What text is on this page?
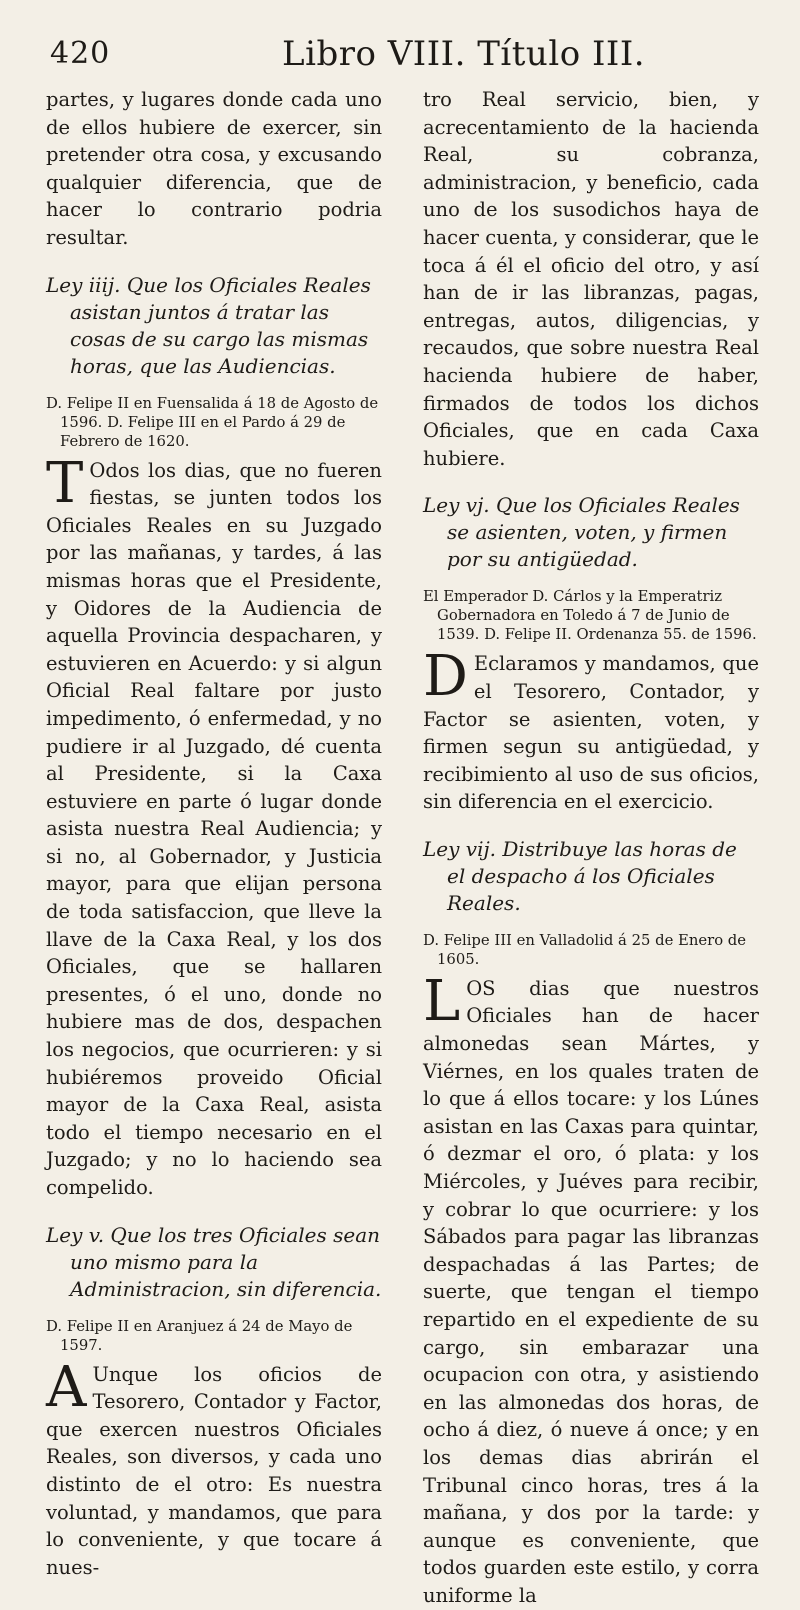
420	Libro VIII. Título III.

partes, y lugares donde cada uno de ellos hubiere de exercer, sin pretender otra cosa, y excusando qualquier diferencia, que de hacer lo contrario podria resultar.

Ley iiij. Que los Oficiales Reales asistan juntos á tratar las cosas de su cargo las mismas horas, que las Audiencias.

D. Felipe II en Fuensalida á 18 de Agosto de 1596. D. Felipe III en el Pardo á 29 de Febrero de 1620.

T Odos los dias, que no fueren fiestas, se junten todos los Oficiales Reales en su Juzgado por las mañanas, y tardes, á las mismas horas que el Presidente, y Oidores de la Audiencia de aquella Provincia despacharen, y estuvieren en Acuerdo: y si algun Oficial Real faltare por justo impedimento, ó enfermedad, y no pudiere ir al Juzgado, dé cuenta al Presidente, si la Caxa estuviere en parte ó lugar donde asista nuestra Real Audiencia; y si no, al Gobernador, y Justicia mayor, para que elijan persona de toda satisfaccion, que lleve la llave de la Caxa Real, y los dos Oficiales, que se hallaren presentes, ó el uno, donde no hubiere mas de dos, despachen los negocios, que ocurrieren: y si hubiéremos proveido Oficial mayor de la Caxa Real, asista todo el tiempo necesario en el Juzgado; y no lo haciendo sea compelido.

Ley v. Que los tres Oficiales sean uno mismo para la Administracion, sin diferencia.

D. Felipe II en Aranjuez á 24 de Mayo de 1597.

A Unque los oficios de Tesorero, Contador y Factor, que exercen nuestros Oficiales Reales, son diversos, y cada uno distinto de el otro: Es nuestra voluntad, y mandamos, que para lo conveniente, y que tocare á nues-

tro Real servicio, bien, y acrecentamiento de la hacienda Real, su cobranza, administracion, y beneficio, cada uno de los susodichos haya de hacer cuenta, y considerar, que le toca á él el oficio del otro, y así han de ir las libranzas, pagas, entregas, autos, diligencias, y recaudos, que sobre nuestra Real hacienda hubiere de haber, firmados de todos los dichos Oficiales, que en cada Caxa hubiere.

Ley vj. Que los Oficiales Reales se asienten, voten, y firmen por su antigüedad.

El Emperador D. Cárlos y la Emperatriz Gobernadora en Toledo á 7 de Junio de 1539. D. Felipe II. Ordenanza 55. de 1596.

D Eclaramos y mandamos, que el Tesorero, Contador, y Factor se asienten, voten, y firmen segun su antigüedad, y recibimiento al uso de sus oficios, sin diferencia en el exercicio.

Ley vij. Distribuye las horas de el despacho á los Oficiales Reales.

D. Felipe III en Valladolid á 25 de Enero de 1605.

LOS dias que nuestros Oficiales han de hacer almonedas sean Mártes, y Viérnes, en los quales traten de lo que á ellos tocare: y los Lúnes asistan en las Caxas para quintar, ó dezmar el oro, ó plata: y los Miércoles, y Juéves para recibir, y cobrar lo que ocurriere: y los Sábados para pagar las libranzas despachadas á las Partes; de suerte, que tengan el tiempo repartido en el expediente de su cargo, sin embarazar una ocupacion con otra, y asistiendo en las almonedas dos horas, de ocho á diez, ó nueve á once; y en los demas dias abrirán el Tribunal cinco horas, tres á la mañana, y dos por la tarde: y aunque es conveniente, que todos guarden este estilo, y corra uniforme la
